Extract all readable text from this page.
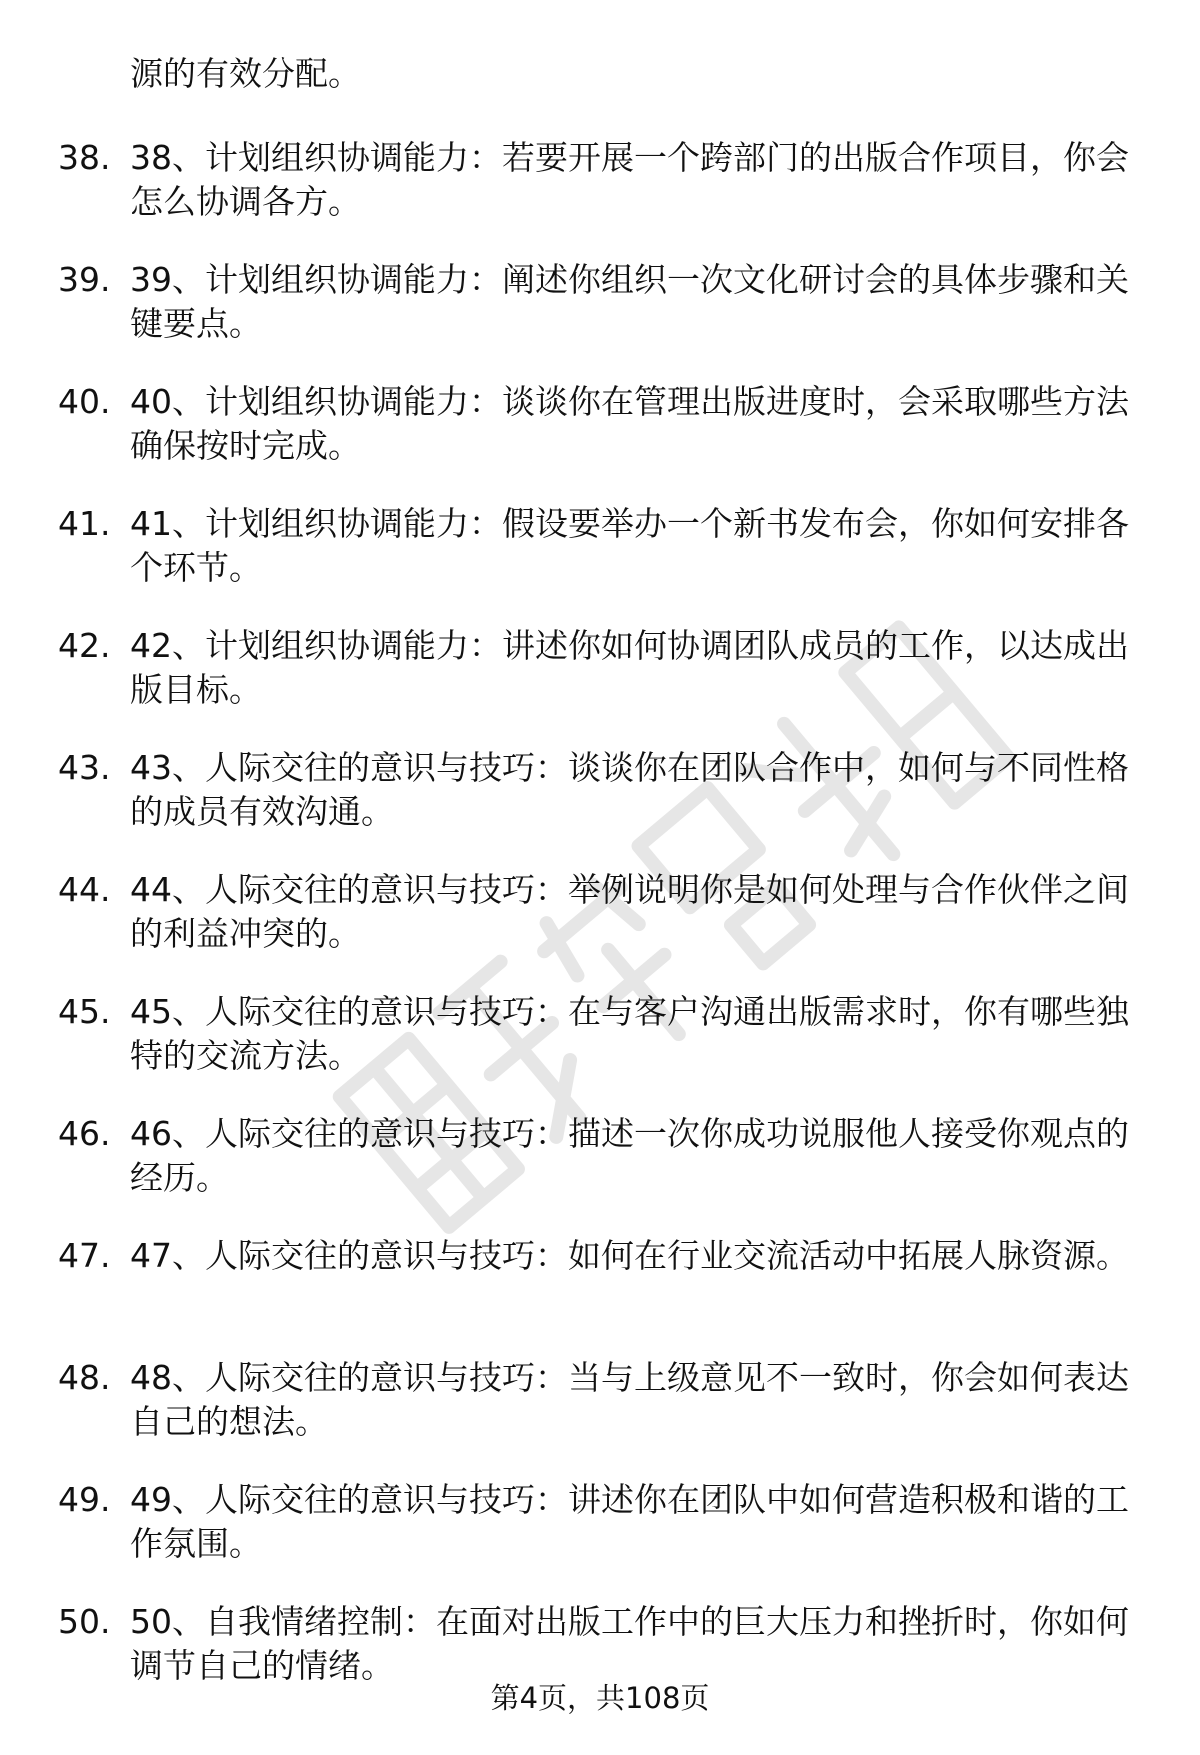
源的有效分配。

38. 38、计划组织协调能力：若要开展一个跨部门的出版合作项目，你会怎么协调各方。
39. 39、计划组织协调能力：阐述你组织一次文化研讨会的具体步骤和关键要点。
40. 40、计划组织协调能力：谈谈你在管理出版进度时，会采取哪些方法确保按时完成。
41. 41、计划组织协调能力：假设要举办一个新书发布会，你如何安排各个环节。
42. 42、计划组织协调能力：讲述你如何协调团队成员的工作，以达成出版目标。
43. 43、人际交往的意识与技巧：谈谈你在团队合作中，如何与不同性格的成员有效沟通。
44. 44、人际交往的意识与技巧：举例说明你是如何处理与合作伙伴之间的利益冲突的。
45. 45、人际交往的意识与技巧：在与客户沟通出版需求时，你有哪些独特的交流方法。
46. 46、人际交往的意识与技巧：描述一次你成功说服他人接受你观点的经历。
47. 47、人际交往的意识与技巧：如何在行业交流活动中拓展人脉资源。
48. 48、人际交往的意识与技巧：当与上级意见不一致时，你会如何表达自己的想法。
49. 49、人际交往的意识与技巧：讲述你在团队中如何营造积极和谐的工作氛围。
50. 50、自我情绪控制：在面对出版工作中的巨大压力和挫折时，你如何调节自己的情绪。
第4页，共108页
